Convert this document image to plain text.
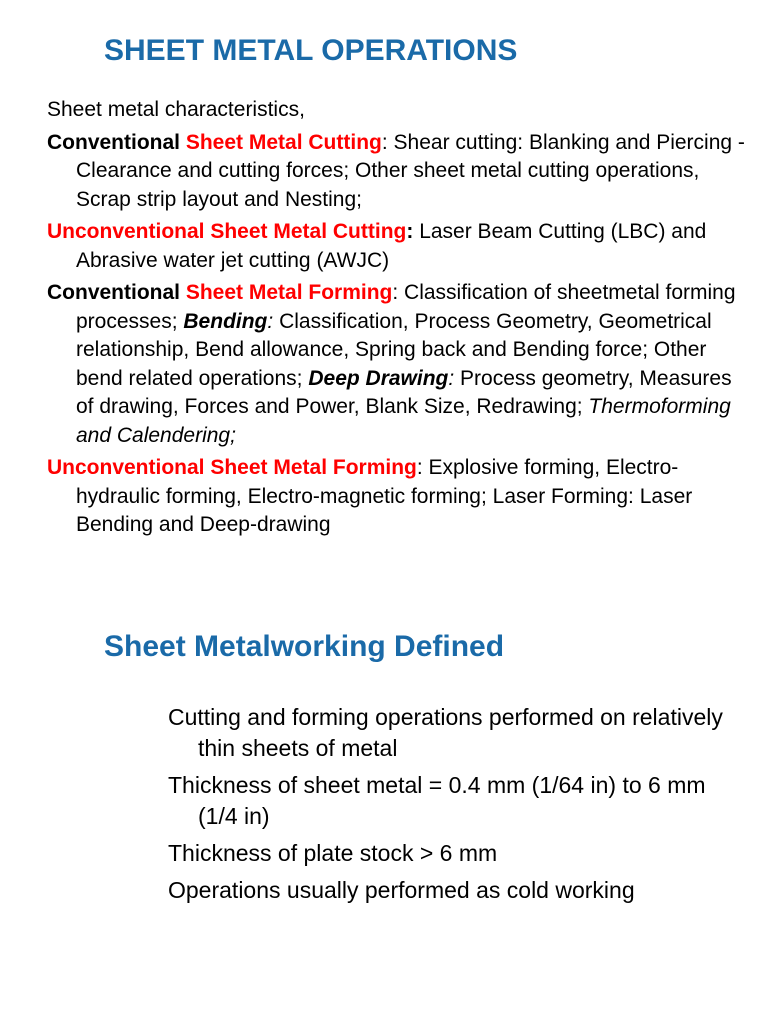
SHEET METAL OPERATIONS

Sheet metal characteristics,

Conventional Sheet Metal Cutting: Shear cutting: Blanking and Piercing -Clearance and cutting forces; Other sheet metal cutting operations, Scrap strip layout and Nesting;

Unconventional Sheet Metal Cutting: Laser Beam Cutting (LBC) and Abrasive water jet cutting (AWJC)

Conventional Sheet Metal Forming: Classification of sheetmetal forming processes; Bending: Classification, Process Geometry, Geometrical relationship, Bend allowance, Spring back and Bending force; Other bend related operations; Deep Drawing: Process geometry, Measures of drawing, Forces and Power, Blank Size, Redrawing; Thermoforming and Calendering;

Unconventional Sheet Metal Forming: Explosive forming, Electro-hydraulic forming, Electro-magnetic forming; Laser Forming: Laser Bending and Deep-drawing

Sheet Metalworking Defined

Cutting and forming operations performed on relatively thin sheets of metal

Thickness of sheet metal = 0.4 mm (1/64 in) to 6 mm (1/4 in)

Thickness of plate stock > 6 mm

Operations usually performed as cold working
